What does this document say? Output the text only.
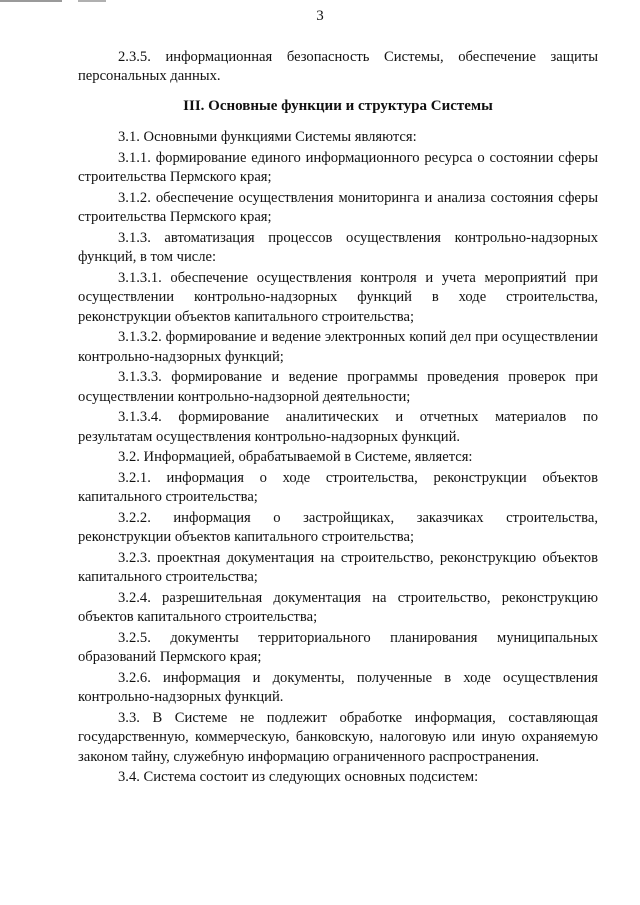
3

2.3.5. информационная безопасность Системы, обеспечение защиты персональных данных.

III. Основные функции и структура Системы

3.1. Основными функциями Системы являются:

3.1.1. формирование единого информационного ресурса о состоянии сферы строительства Пермского края;

3.1.2. обеспечение осуществления мониторинга и анализа состояния сферы строительства Пермского края;

3.1.3. автоматизация процессов осуществления контрольно-надзорных функций, в том числе:

3.1.3.1. обеспечение осуществления контроля и учета мероприятий при осуществлении контрольно-надзорных функций в ходе строительства, реконструкции объектов капитального строительства;

3.1.3.2. формирование и ведение электронных копий дел при осуществлении контрольно-надзорных функций;

3.1.3.3. формирование и ведение программы проведения проверок при осуществлении контрольно-надзорной деятельности;

3.1.3.4. формирование аналитических и отчетных материалов по результатам осуществления контрольно-надзорных функций.

3.2. Информацией, обрабатываемой в Системе, является:

3.2.1. информация о ходе строительства, реконструкции объектов капитального строительства;

3.2.2. информация о застройщиках, заказчиках строительства, реконструкции объектов капитального строительства;

3.2.3. проектная документация на строительство, реконструкцию объектов капитального строительства;

3.2.4. разрешительная документация на строительство, реконструкцию объектов капитального строительства;

3.2.5. документы территориального планирования муниципальных образований Пермского края;

3.2.6. информация и документы, полученные в ходе осуществления контрольно-надзорных функций.

3.3. В Системе не подлежит обработке информация, составляющая государственную, коммерческую, банковскую, налоговую или иную охраняемую законом тайну, служебную информацию ограниченного распространения.

3.4. Система состоит из следующих основных подсистем:
